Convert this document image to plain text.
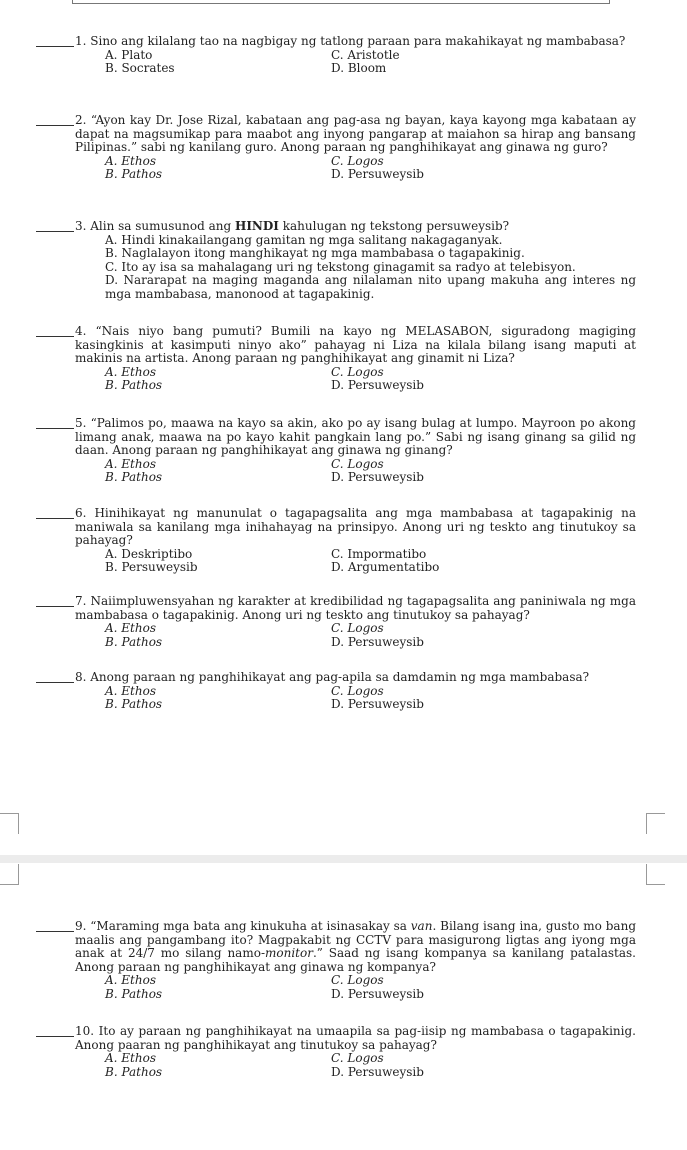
1. Sino ang kilalang tao na nagbigay ng tatlong paraan para makahikayat ng mambabasa?
A. Plato	C. Aristotle
B. Socrates	D. Bloom
2. “Ayon kay Dr. Jose Rizal, kabataan ang pag-asa ng bayan, kaya kayong mga kabataan ay dapat na magsumikap para maabot ang inyong pangarap at maiahon sa hirap ang bansang Pilipinas.” sabi ng kanilang guro. Anong paraan ng panghihikayat ang ginawa ng guro?
A. Ethos	C. Logos
B. Pathos	D. Persuweysib
3. Alin sa sumusunod ang HINDI kahulugan ng tekstong persuweysib?
A. Hindi kinakailangang gamitan ng mga salitang nakagaganyak.
B. Naglalayon itong manghikayat ng mga mambabasa o tagapakinig.
C. Ito ay isa sa mahalagang uri ng tekstong ginagamit sa radyo at telebisyon.
D. Nararapat na maging maganda ang nilalaman nito upang makuha ang interes ng mga mambabasa, manonood at tagapakinig.
4. “Nais niyo bang pumuti? Bumili na kayo ng MELASABON, siguradong magiging kasingkinis at kasimputi ninyo ako” pahayag ni Liza na kilala bilang isang maputi at makinis na artista. Anong paraan ng panghihikayat ang ginamit ni Liza?
A. Ethos	C. Logos
B. Pathos	D. Persuweysib
5. “Palimos po, maawa na kayo sa akin, ako po ay isang bulag at lumpo. Mayroon po akong limang anak, maawa na po kayo kahit pangkain lang po.” Sabi ng isang ginang sa gilid ng daan. Anong paraan ng panghihikayat ang ginawa ng ginang?
A. Ethos	C. Logos
B. Pathos	D. Persuweysib
6. Hinihikayat ng manunulat o tagapagsalita ang mga mambabasa at tagapakinig na maniwala sa kanilang mga inihahayag na prinsipyo. Anong uri ng teskto ang tinutukoy sa pahayag?
A. Deskriptibo	C. Impormatibo
B. Persuweysib	D. Argumentatibo
7. Naiimpluwensyahan ng karakter at kredibilidad ng tagapagsalita ang paniniwala ng mga mambabasa o tagapakinig. Anong uri ng teskto ang tinutukoy sa pahayag?
A. Ethos	C. Logos
B. Pathos	D. Persuweysib
8. Anong paraan ng panghihikayat ang pag-apila sa damdamin ng mga mambabasa?
A. Ethos	C. Logos
B. Pathos	D. Persuweysib
9. “Maraming mga bata ang kinukuha at isinasakay sa van. Bilang isang ina, gusto mo bang maalis ang pangambang ito? Magpakabit ng CCTV para masigurong ligtas ang iyong mga anak at 24/7 mo silang namo-monitor.” Saad ng isang kompanya sa kanilang patalastas. Anong paraan ng panghihikayat ang ginawa ng kompanya?
A. Ethos	C. Logos
B. Pathos	D. Persuweysib
10. Ito ay paraan ng panghihikayat na umaapila sa pag-iisip ng mambabasa o tagapakinig. Anong paaran ng panghihikayat ang tinutukoy sa pahayag?
A. Ethos	C. Logos
B. Pathos	D. Persuweysib
